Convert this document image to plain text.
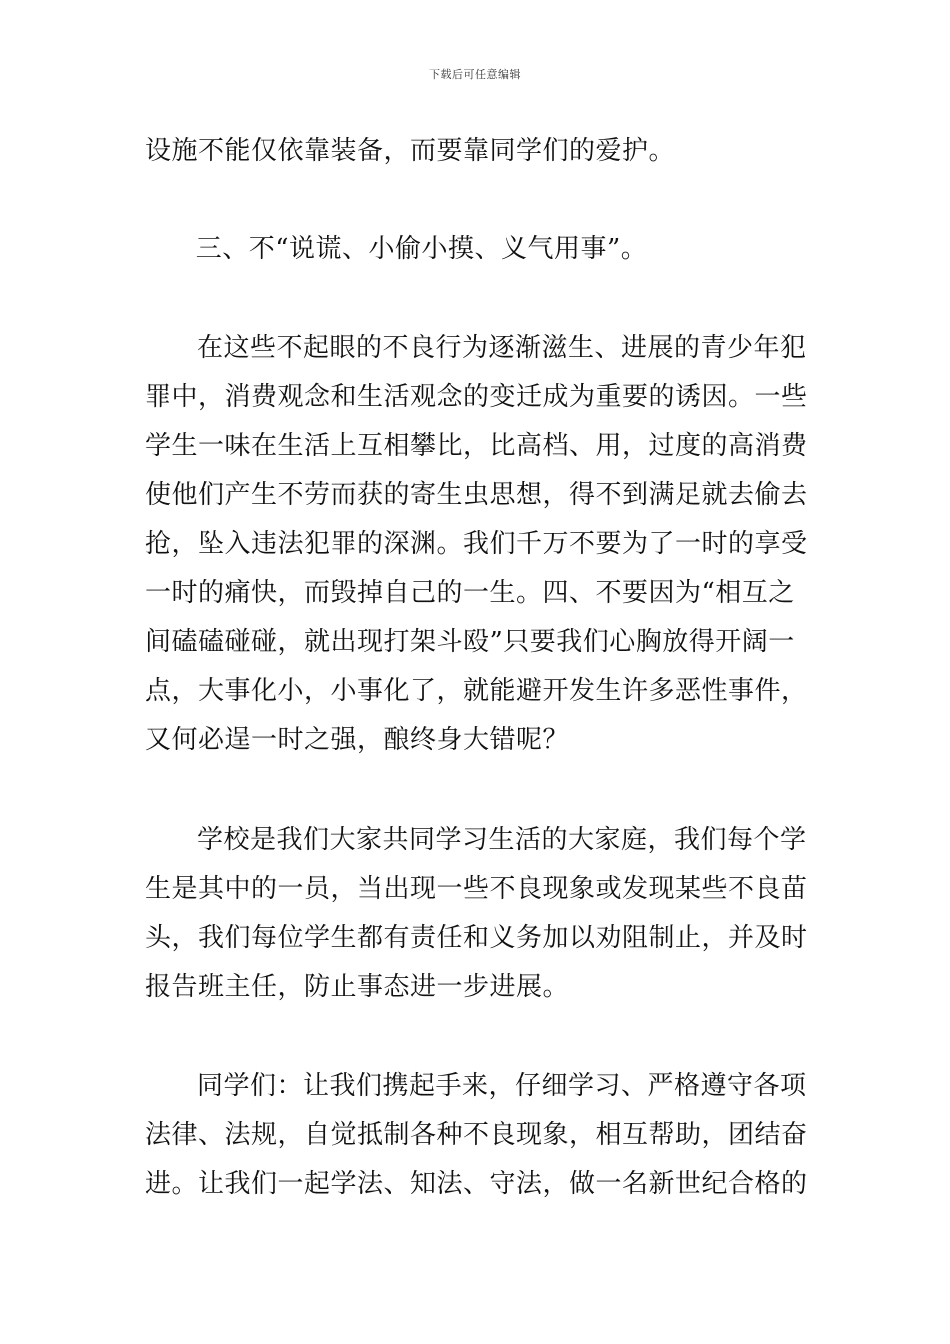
下载后可任意编辑

设施不能仅依靠装备，而要靠同学们的爱护。

三、不“说谎、小偷小摸、义气用事”。

在这些不起眼的不良行为逐渐滋生、进展的青少年犯罪中，消费观念和生活观念的变迁成为重要的诱因。一些学生一味在生活上互相攀比，比高档、用，过度的高消费使他们产生不劳而获的寄生虫思想，得不到满足就去偷去抢，坠入违法犯罪的深渊。我们千万不要为了一时的享受一时的痛快，而毁掉自己的一生。四、不要因为“相互之间磕磕碰碰，就出现打架斗殴”只要我们心胸放得开阔一点，大事化小，小事化了，就能避开发生许多恶性事件，又何必逞一时之强，酿终身大错呢？

学校是我们大家共同学习生活的大家庭，我们每个学生是其中的一员，当出现一些不良现象或发现某些不良苗头，我们每位学生都有责任和义务加以劝阻制止，并及时报告班主任，防止事态进一步进展。

同学们：让我们携起手来，仔细学习、严格遵守各项法律、法规，自觉抵制各种不良现象，相互帮助，团结奋进。让我们一起学法、知法、守法，做一名新世纪合格的
